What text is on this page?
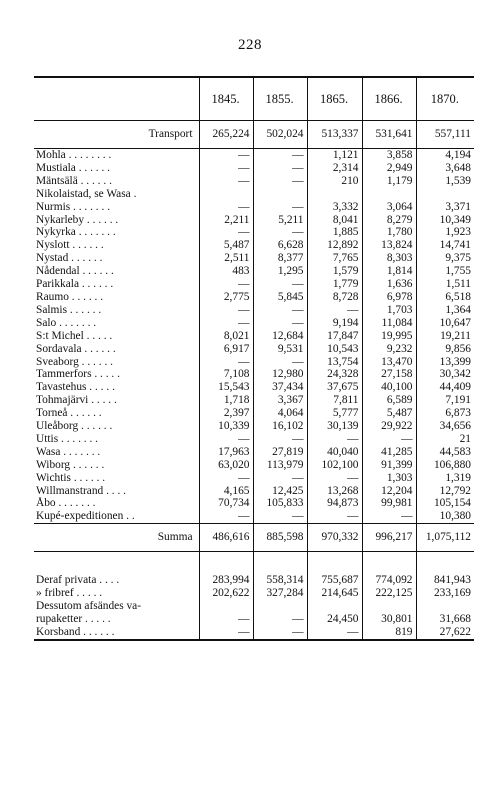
228
	1845.	1855.	1865.	1866.	1870.
Transport	265,224	502,024	513,337	531,641	557,111
Mohla . . . . . . . .	—	—	1,121	3,858	4,194
Mustiala . . . . . .	—	—	2,314	2,949	3,648
Mäntsälä . . . . . .	—	—	210	1,179	1,539
Nikolaistad, se Wasa .					
Nurmis . . . . . . .	—	—	3,332	3,064	3,371
Nykarleby . . . . . .	2,211	5,211	8,041	8,279	10,349
Nykyrka . . . . . . .	—	—	1,885	1,780	1,923
Nyslott . . . . . .	5,487	6,628	12,892	13,824	14,741
Nystad . . . . . .	2,511	8,377	7,765	8,303	9,375
Nådendal . . . . . .	483	1,295	1,579	1,814	1,755
Parikkala . . . . . .	—	—	1,779	1,636	1,511
Raumo . . . . . .	2,775	5,845	8,728	6,978	6,518
Salmis . . . . . .	—	—	—	1,703	1,364
Salo . . . . . . .	—	—	9,194	11,084	10,647
S:t Michel . . . . .	8,021	12,684	17,847	19,995	19,211
Sordavala . . . . . .	6,917	9,531	10,543	9,232	9,856
Sveaborg . . . . . .	—	—	13,754	13,470	13,399
Tammerfors . . . . .	7,108	12,980	24,328	27,158	30,342
Tavastehus . . . . .	15,543	37,434	37,675	40,100	44,409
Tohmajärvi . . . . .	1,718	3,367	7,811	6,589	7,191
Torneå . . . . . .	2,397	4,064	5,777	5,487	6,873
Uleåborg . . . . . .	10,339	16,102	30,139	29,922	34,656
Uttis . . . . . . .	—	—	—	—	21
Wasa . . . . . . .	17,963	27,819	40,040	41,285	44,583
Wiborg . . . . . .	63,020	113,979	102,100	91,399	106,880
Wichtis . . . . . .	—	—	—	1,303	1,319
Willmanstrand . . . .	4,165	12,425	13,268	12,204	12,792
Åbo . . . . . . .	70,734	105,833	94,873	99,981	105,154
Kupé-expeditionen . .	—	—	—	—	10,380
Summa	486,616	885,598	970,332	996,217	1,075,112

Deraf privata . . . .	283,994	558,314	755,687	774,092	841,943
» fribref . . . . .	202,622	327,284	214,645	222,125	233,169
Dessutom afsändes va-					
rupaketter . . . . .	—	—	24,450	30,801	31,668
Korsband . . . . . .	—	—	—	819	27,622
